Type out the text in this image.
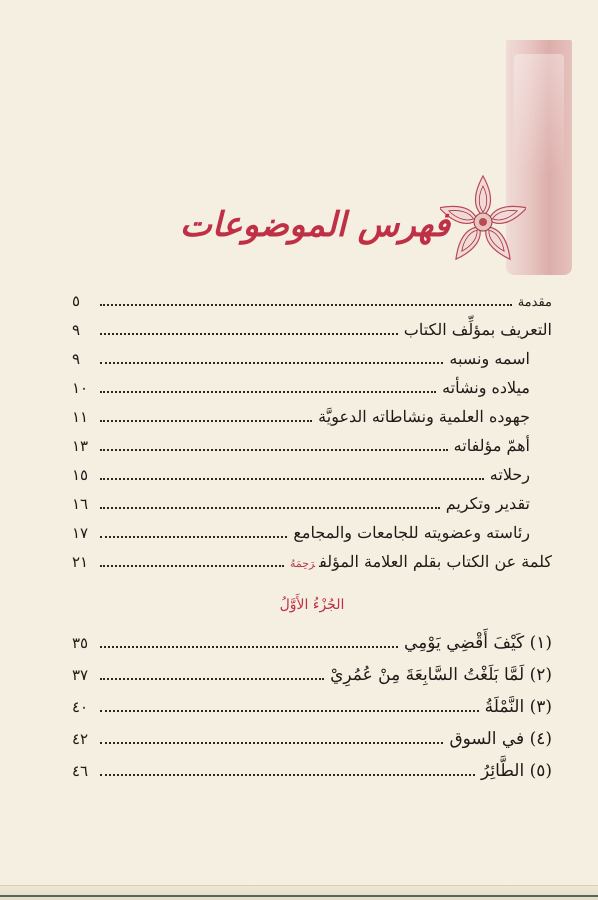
فهرس الموضوعات
مقدمة
٥
التعريف بمؤلِّف الكتاب
٩
اسمه ونسبه
٩
ميلاده ونشأته
١٠
جهوده العلمية ونشاطاته الدعويَّة
١١
أهمّ مؤلفاته
١٣
رحلاته
١٥
تقدير وتكريم
١٦
رئاسته وعضويته للجامعات والمجامع
١٧
كلمة عن الكتاب بقلم العلامة المؤلفرَحِمَهُ
٢١
الجُزْءُ الأَوَّلُ
(١) كَيْفَ أَقْضِي يَوْمِي
٣٥
(٢) لَمَّا بَلَغْتُ السَّابِعَةَ مِنْ عُمُرِيْ
٣٧
(٣) النَّمْلَةُ
٤٠
(٤) في السوق
٤٢
(٥) الطَّائِرُ
٤٦
